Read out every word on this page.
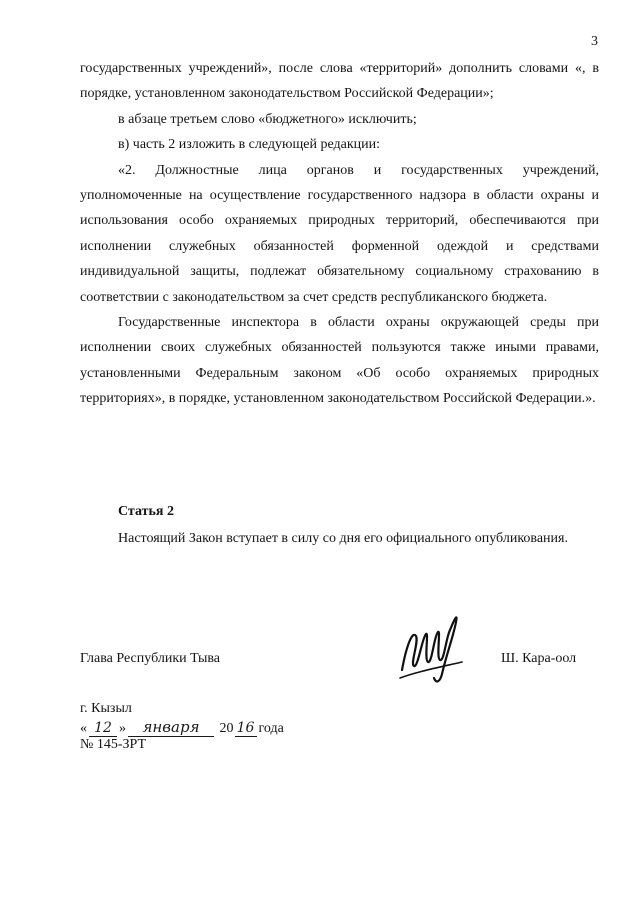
3

государственных учреждений», после слова «территорий» дополнить словами «, в порядке, установленном законодательством Российской Федерации»;

в абзаце третьем слово «бюджетного» исключить;

в) часть 2 изложить в следующей редакции:

«2. Должностные лица органов и государственных учреждений, уполномоченные на осуществление государственного надзора в области охраны и использования особо охраняемых природных территорий, обеспечиваются при исполнении служебных обязанностей форменной одеждой и средствами индивидуальной защиты, подлежат обязательному социальному страхованию в соответствии с законодательством за счет средств республиканского бюджета.

Государственные инспектора в области охраны окружающей среды при исполнении своих служебных обязанностей пользуются также иными правами, установленными Федеральным законом «Об особо охраняемых природных территориях», в порядке, установленном законодательством Российской Федерации.».

Статья 2

Настоящий Закон вступает в силу со дня его официального опубликования.

Глава Республики Тыва	Ш. Кара-оол
г. Кызыл
« 12 » января 20 16 года
№ 145-ЗРТ
